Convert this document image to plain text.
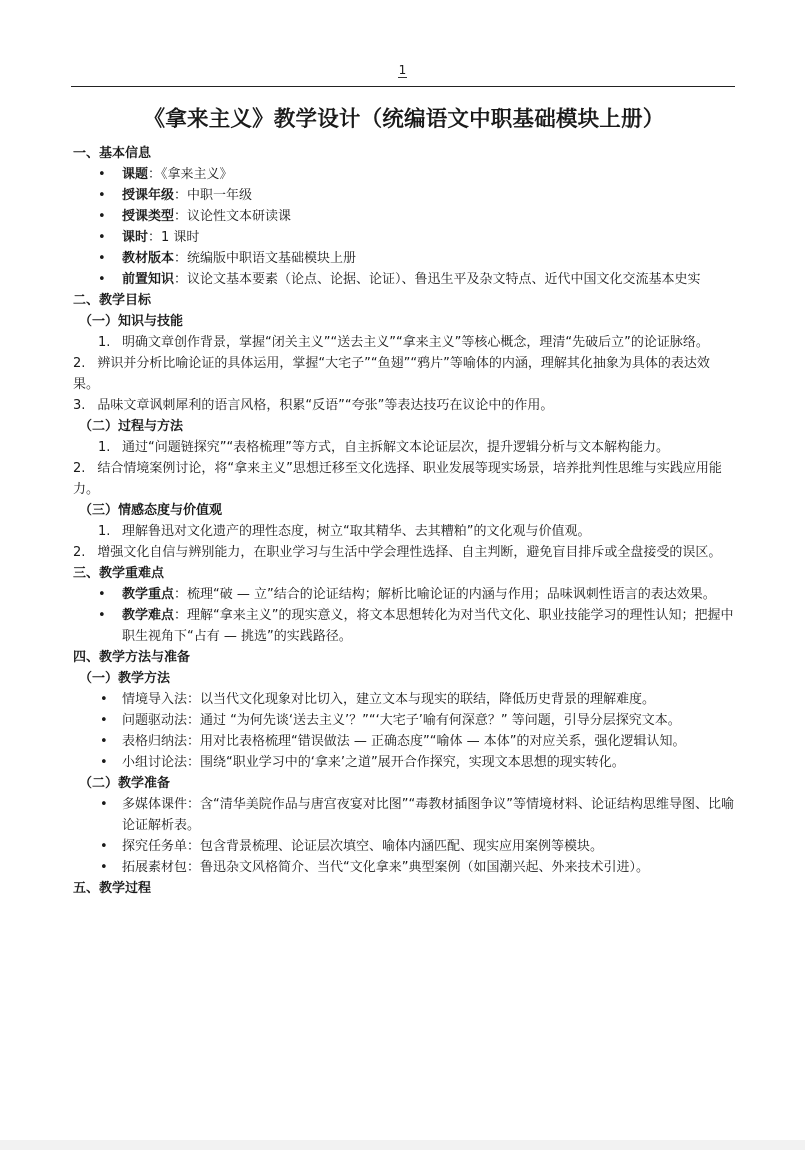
1
《拿来主义》教学设计（统编语文中职基础模块上册）
一、基本信息
• 课题：《拿来主义》
• 授课年级：中职一年级
• 授课类型：议论性文本研读课
• 课时：1 课时
• 教材版本：统编版中职语文基础模块上册
• 前置知识：议论文基本要素（论点、论据、论证）、鲁迅生平及杂文特点、近代中国文化交流基本史实
二、教学目标
（一）知识与技能
1. 明确文章创作背景，掌握“闭关主义”“送去主义”“拿来主义”等核心概念，理清“先破后立”的论证脉络。
2. 辨识并分析比喻论证的具体运用，掌握“大宅子”“鱼翅”“鸦片”等喻体的内涵，理解其化抽象为具体的表达效果。
3. 品味文章讽刺犀利的语言风格，积累“反语”“夸张”等表达技巧在议论中的作用。
（二）过程与方法
1. 通过“问题链探究”“表格梳理”等方式，自主拆解文本论证层次，提升逻辑分析与文本解构能力。
2. 结合情境案例讨论，将“拿来主义”思想迁移至文化选择、职业发展等现实场景，培养批判性思维与实践应用能力。
（三）情感态度与价值观
1. 理解鲁迅对文化遗产的理性态度，树立“取其精华、去其糟粕”的文化观与价值观。
2. 增强文化自信与辨别能力，在职业学习与生活中学会理性选择、自主判断，避免盲目排斥或全盘接受的误区。
三、教学重难点
• 教学重点：梳理“破 — 立”结合的论证结构；解析比喻论证的内涵与作用；品味讽刺性语言的表达效果。
• 教学难点：理解“拿来主义”的现实意义，将文本思想转化为对当代文化、职业技能学习的理性认知；把握中职生视角下“占有 — 挑选”的实践路径。
四、教学方法与准备
（一）教学方法
• 情境导入法：以当代文化现象对比切入，建立文本与现实的联结，降低历史背景的理解难度。
• 问题驱动法：通过 “为何先谈‘送去主义’？”“‘大宅子’喻有何深意？” 等问题，引导分层探究文本。
• 表格归纳法：用对比表格梳理“错误做法 — 正确态度”“喻体 — 本体”的对应关系，强化逻辑认知。
• 小组讨论法：围绕“职业学习中的‘拿来’之道”展开合作探究，实现文本思想的现实转化。
（二）教学准备
• 多媒体课件：含“清华美院作品与唐宫夜宴对比图”“毒教材插图争议”等情境材料、论证结构思维导图、比喻论证解析表。
• 探究任务单：包含背景梳理、论证层次填空、喻体内涵匹配、现实应用案例等模块。
• 拓展素材包：鲁迅杂文风格简介、当代“文化拿来”典型案例（如国潮兴起、外来技术引进）。
五、教学过程
